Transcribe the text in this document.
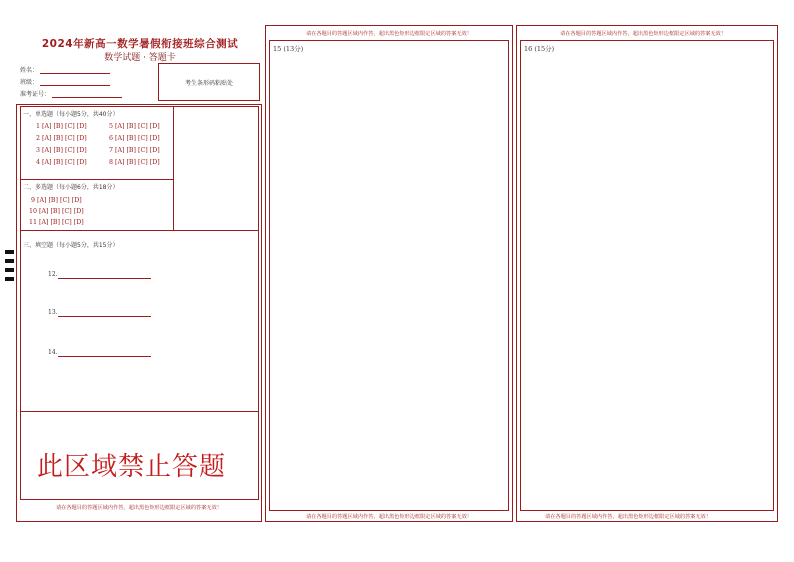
2024年新高一数学暑假衔接班综合测试
数学试题 · 答题卡
姓名：
班级：
准考证号：
考生条形码粘贴处
一、单选题（每小题5分，共40分）
1 [A] [B] [C] [D]
2 [A] [B] [C] [D]
3 [A] [B] [C] [D]
4 [A] [B] [C] [D]
5 [A] [B] [C] [D]
6 [A] [B] [C] [D]
7 [A] [B] [C] [D]
8 [A] [B] [C] [D]
二、多选题（每小题6分，共18分）
9 [A] [B] [C] [D]
10 [A] [B] [C] [D]
11 [A] [B] [C] [D]
三、填空题（每小题5分，共15分）
12.
13.
14.
此区域禁止答题
请在各题目的答题区域内作答，超出黑色矩形边框限定区域的答案无效！
请在各题目的答题区域内作答，超出黑色矩形边框限定区域的答案无效！
15 (13分)
请在各题目的答题区域内作答，超出黑色矩形边框限定区域的答案无效！
请在各题目的答题区域内作答，超出黑色矩形边框限定区域的答案无效！
16 (15分)
请在各题目的答题区域内作答，超出黑色矩形边框限定区域的答案无效！
